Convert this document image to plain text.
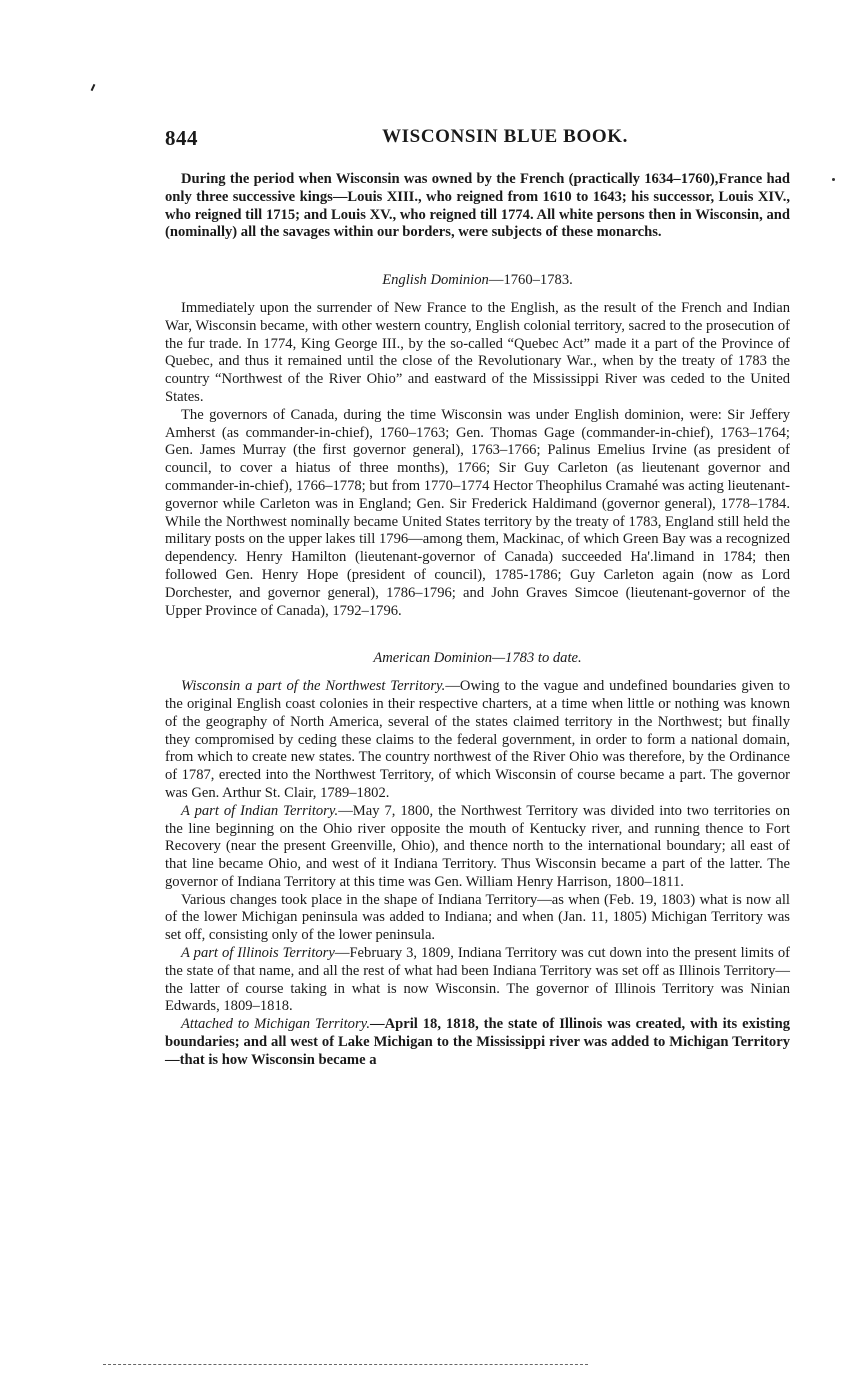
844	WISCONSIN BLUE BOOK.

During the period when Wisconsin was owned by the French (practically 1634–1760),France had only three successive kings—Louis XIII., who reigned from 1610 to 1643; his successor, Louis XIV., who reigned till 1715; and Louis XV., who reigned till 1774. All white persons then in Wisconsin, and (nominally) all the savages within our borders, were subjects of these monarchs.

English Dominion—1760–1783.

Immediately upon the surrender of New France to the English, as the result of the French and Indian War, Wisconsin became, with other western country, English colonial territory, sacred to the prosecution of the fur trade. In 1774, King George III., by the so-called “Quebec Act” made it a part of the Province of Quebec, and thus it remained until the close of the Revolutionary War., when by the treaty of 1783 the country “Northwest of the River Ohio” and eastward of the Mississippi River was ceded to the United States.

The governors of Canada, during the time Wisconsin was under English dominion, were: Sir Jeffery Amherst (as commander-in-chief), 1760–1763; Gen. Thomas Gage (commander-in-chief), 1763–1764; Gen. James Murray (the first governor general), 1763–1766; Palinus Emelius Irvine (as president of council, to cover a hiatus of three months), 1766; Sir Guy Carleton (as lieutenant governor and commander-in-chief), 1766–1778; but from 1770–1774 Hector Theophilus Cramahé was acting lieutenant-governor while Carleton was in England; Gen. Sir Frederick Haldimand (governor general), 1778–1784. While the Northwest nominally became United States territory by the treaty of 1783, England still held the military posts on the upper lakes till 1796—among them, Mackinac, of which Green Bay was a recognized dependency. Henry Hamilton (lieutenant-governor of Canada) succeeded Ha'.limand in 1784; then followed Gen. Henry Hope (president of council), 1785-1786; Guy Carleton again (now as Lord Dorchester, and governor general), 1786–1796; and John Graves Simcoe (lieutenant-governor of the Upper Province of Canada), 1792–1796.

American Dominion—1783 to date.

Wisconsin a part of the Northwest Territory.—Owing to the vague and undefined boundaries given to the original English coast colonies in their respective charters, at a time when little or nothing was known of the geography of North America, several of the states claimed territory in the Northwest; but finally they compromised by ceding these claims to the federal government, in order to form a national domain, from which to create new states. The country northwest of the River Ohio was therefore, by the Ordinance of 1787, erected into the Northwest Territory, of which Wisconsin of course became a part. The governor was Gen. Arthur St. Clair, 1789–1802.

A part of Indian Territory.—May 7, 1800, the Northwest Territory was divided into two territories on the line beginning on the Ohio river opposite the mouth of Kentucky river, and running thence to Fort Recovery (near the present Greenville, Ohio), and thence north to the international boundary; all east of that line became Ohio, and west of it Indiana Territory. Thus Wisconsin became a part of the latter. The governor of Indiana Territory at this time was Gen. William Henry Harrison, 1800–1811.

Various changes took place in the shape of Indiana Territory—as when (Feb. 19, 1803) what is now all of the lower Michigan peninsula was added to Indiana; and when (Jan. 11, 1805) Michigan Territory was set off, consisting only of the lower peninsula.

A part of Illinois Territory—February 3, 1809, Indiana Territory was cut down into the present limits of the state of that name, and all the rest of what had been Indiana Territory was set off as Illinois Territory—the latter of course taking in what is now Wisconsin. The governor of Illinois Territory was Ninian Edwards, 1809–1818.

Attached to Michigan Territory.—April 18, 1818, the state of Illinois was created, with its existing boundaries; and all west of Lake Michigan to the Mississippi river was added to Michigan Territory—that is how Wisconsin became a
